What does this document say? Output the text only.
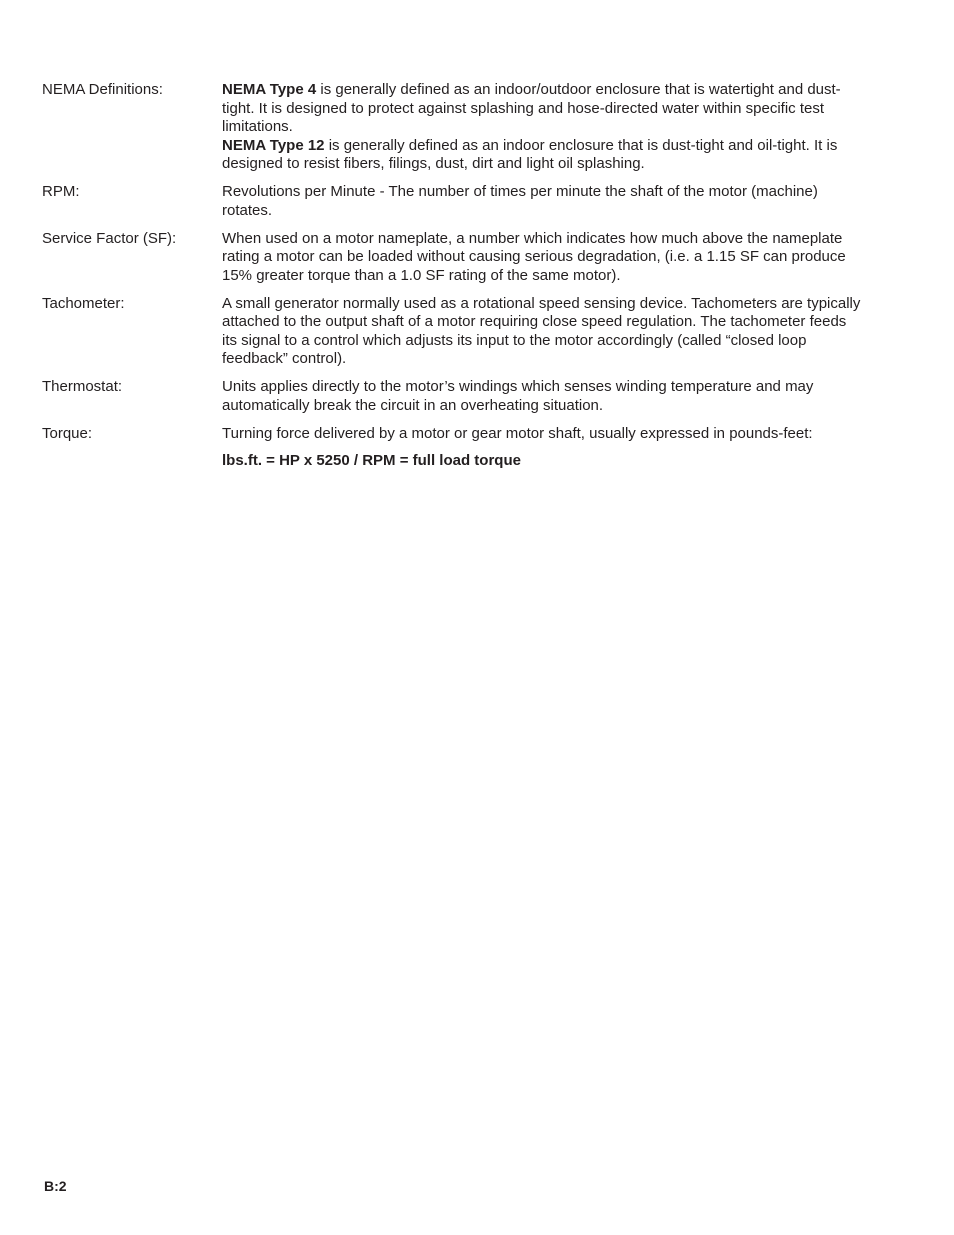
NEMA Definitions:	NEMA Type 4 is generally defined as an indoor/outdoor enclosure that is watertight and dust-tight. It is designed to protect against splashing and hose-directed water within specific test limitations.

NEMA Type 12 is generally defined as an indoor enclosure that is dust-tight and oil-tight. It is designed to resist fibers, filings, dust, dirt and light oil splashing.

RPM:	Revolutions per Minute - The number of times per minute the shaft of the motor (machine) rotates.

Service Factor (SF):	When used on a motor nameplate, a number which indicates how much above the nameplate rating a motor can be loaded without causing serious degradation, (i.e. a 1.15 SF can produce 15% greater torque than a 1.0 SF rating of the same motor).

Tachometer:	A small generator normally used as a rotational speed sensing device. Tachometers are typically attached to the output shaft of a motor requiring close speed regulation. The tachometer feeds its signal to a control which adjusts its input to the motor accordingly (called “closed loop feedback” control).

Thermostat:	Units applies directly to the motor’s windings which senses winding temperature and may automatically break the circuit in an overheating situation.

Torque:	Turning force delivered by a motor or gear motor shaft, usually expressed in pounds-feet:

lbs.ft. = HP x 5250 / RPM = full load torque

B:2
